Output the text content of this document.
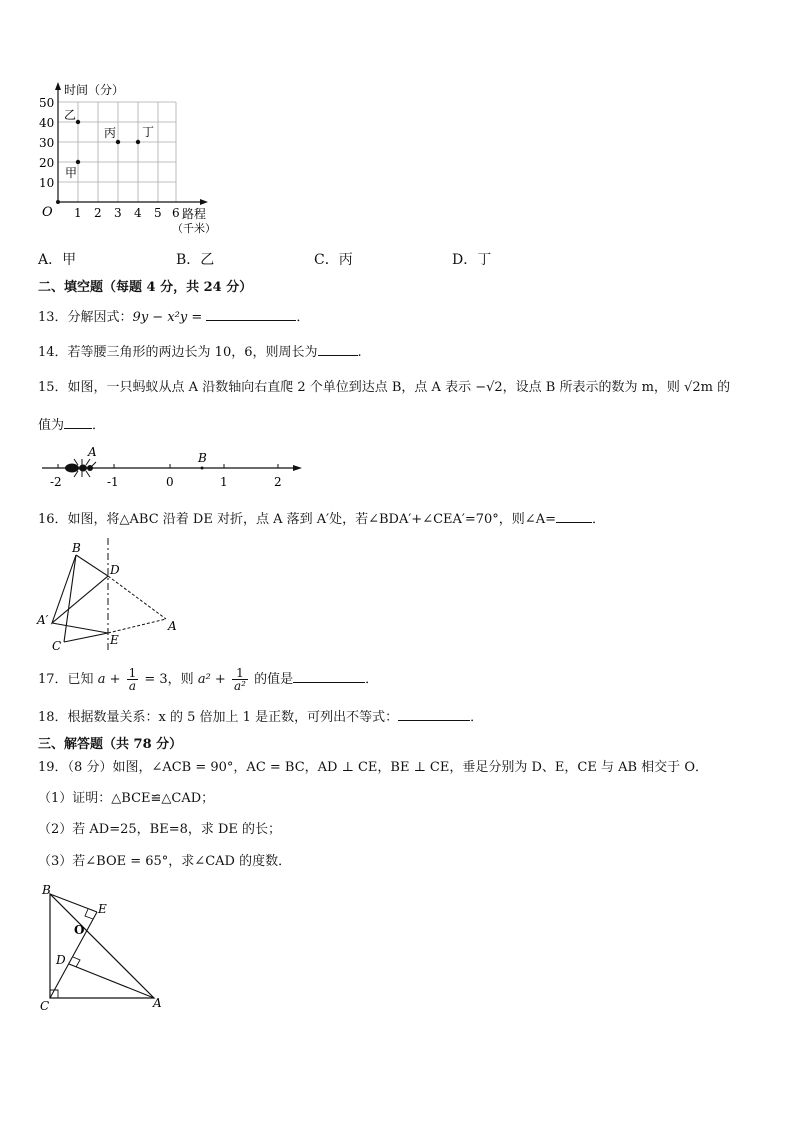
时间（分）
路程
（千米）
O
50
40
30
20
10
1 2 3 4 5 6
乙
甲
丙 丁
A．甲	B．乙	C．丙	D．丁
二、填空题（每题 4 分，共 24 分）
13．分解因式：9y − x²y =	．
14．若等腰三角形的两边长为 10，6，则周长为	.
15．如图，一只蚂蚁从点 A 沿数轴向右直爬 2 个单位到达点 B，点 A 表示 −√2，设点 B 所表示的数为 m，则 √2m 的
值为 ．
A	B
-2	-1	0	1	2
16．如图，将△ABC 沿着 DE 对折，点 A 落到 A′处，若∠BDA′+∠CEA′=70°，则∠A=	．
B
D
A′	A
C	E
17．已知 $a + \frac{1}{a} = 3$，则 $a^2 + \frac{1}{\text{a²}}$ 的值是	．
18．根据数量关系：x 的 5 倍加上 1 是正数，可列出不等式：	．
三、解答题（共 78 分）
19．（8 分）如图，∠ACB = 90°，AC = BC，AD ⊥ CE，BE ⊥ CE，垂足分别为 D、E，CE 与 AB 相交于 O．
（1）证明：△BCE≌△CAD；
（2）若 AD=25，BE=8，求 DE 的长；
（3）若∠BOE = 65°，求∠CAD 的度数．
B
E
O
D
C	A
